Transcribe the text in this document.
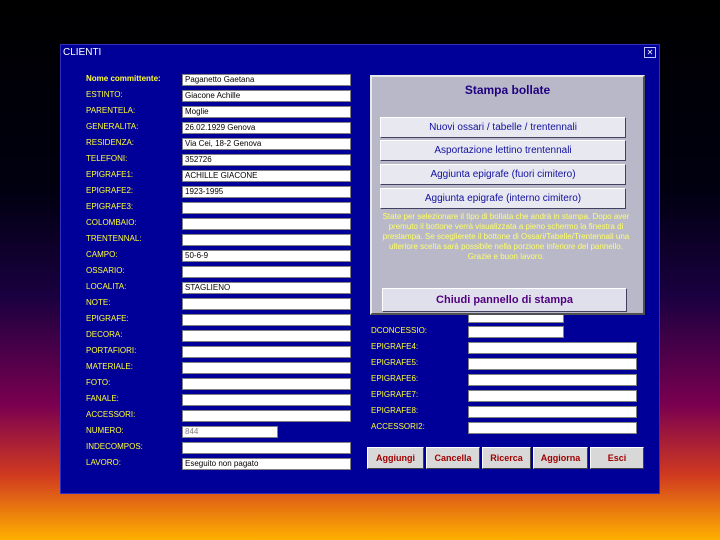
CLIENTI	✕
Nome committente:	Paganetto Gaetana
ESTINTO:	Giacone Achille
PARENTELA:	Moglie
GENERALITA:	26.02.1929 Genova
RESIDENZA:	Via Cei, 18-2 Genova
TELEFONI:	352726
EPIGRAFE1:	ACHILLE GIACONE
EPIGRAFE2:	1923-1995
EPIGRAFE3:
COLOMBAIO:
TRENTENNAL:
CAMPO:	50-6-9
OSSARIO:
LOCALITA:	STAGLIENO
NOTE:
EPIGRAFE:
DECORA:
PORTAFIORI:
MATERIALE:
FOTO:
FANALE:
ACCESSORI:
NUMERO:	844
INDECOMPOS:
LAVORO:	Eseguito non pagato
DCONCESSIO:
EPIGRAFE4:
EPIGRAFE5:
EPIGRAFE6:
EPIGRAFE7:
EPIGRAFE8:
ACCESSORI2:
Aggiungi	Cancella	Ricerca	Aggiorna	Esci
Stampa bollate
Nuovi ossari / tabelle / trentennali
Asportazione lettino trentennali
Aggiunta epigrafe (fuori cimitero)
Aggiunta epigrafe (interno cimitero)
State per selezionare il tipo di bollata che andrà in stampa. Dopo aver premuto il bottone verrà visualizzata a pieno schermo la finestra di prestampa. Se sceglierete il bottone di Ossari/Tabelle/Trentennali una ulteriore scelta sarà possibile nella porzione inferiore del pannello. Grazie e buon lavoro.
Chiudi pannello di stampa
